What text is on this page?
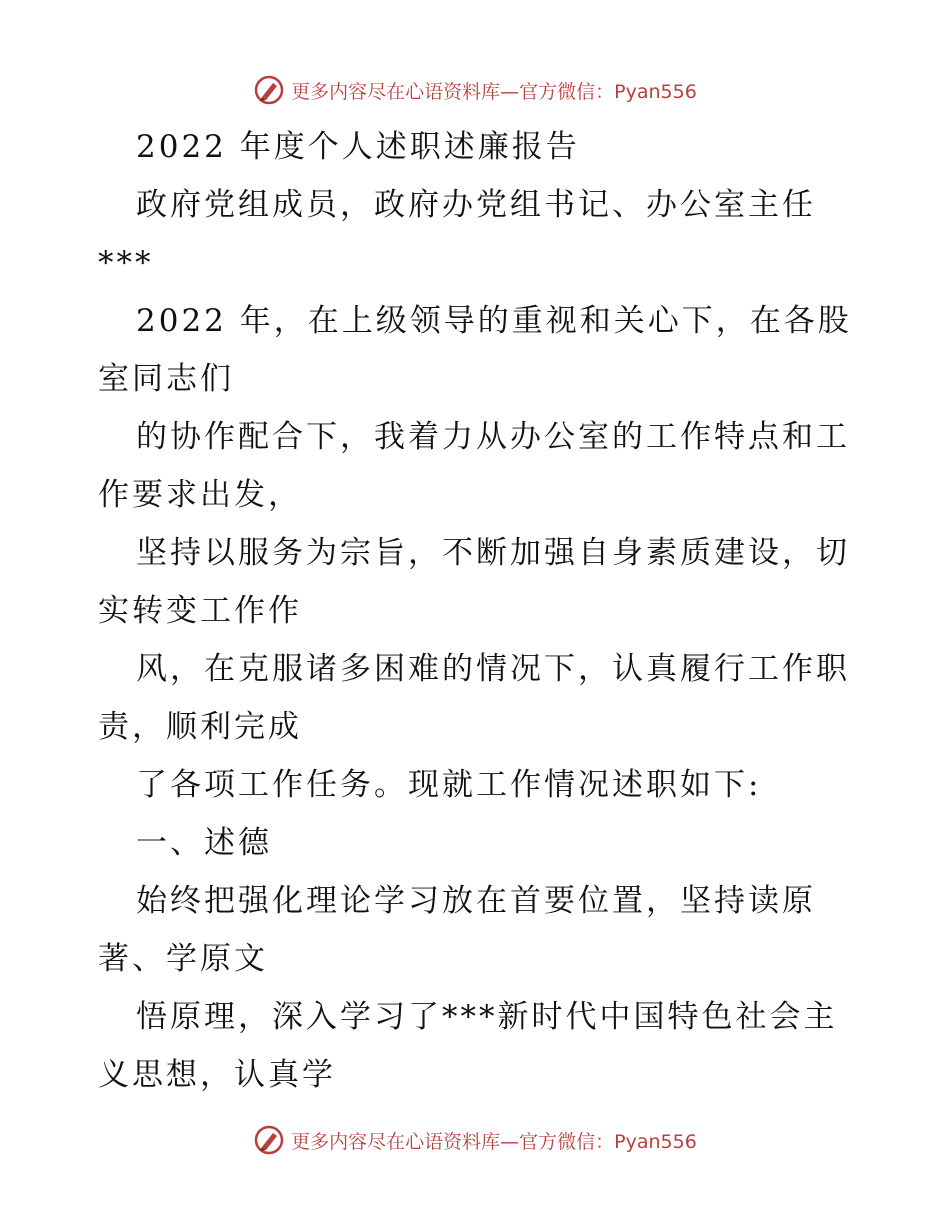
更多内容尽在心语资料库—官方微信：Pyan556
2022 年度个人述职述廉报告
政府党组成员，政府办党组书记、办公室主任
***
2022 年，在上级领导的重视和关心下，在各股
室同志们
的协作配合下，我着力从办公室的工作特点和工
作要求出发，
坚持以服务为宗旨，不断加强自身素质建设，切
实转变工作作
风，在克服诸多困难的情况下，认真履行工作职
责，顺利完成
了各项工作任务。现就工作情况述职如下:
一、述德
始终把强化理论学习放在首要位置，坚持读原
著、学原文
悟原理，深入学习了***新时代中国特色社会主
义思想，认真学
更多内容尽在心语资料库—官方微信：Pyan556
